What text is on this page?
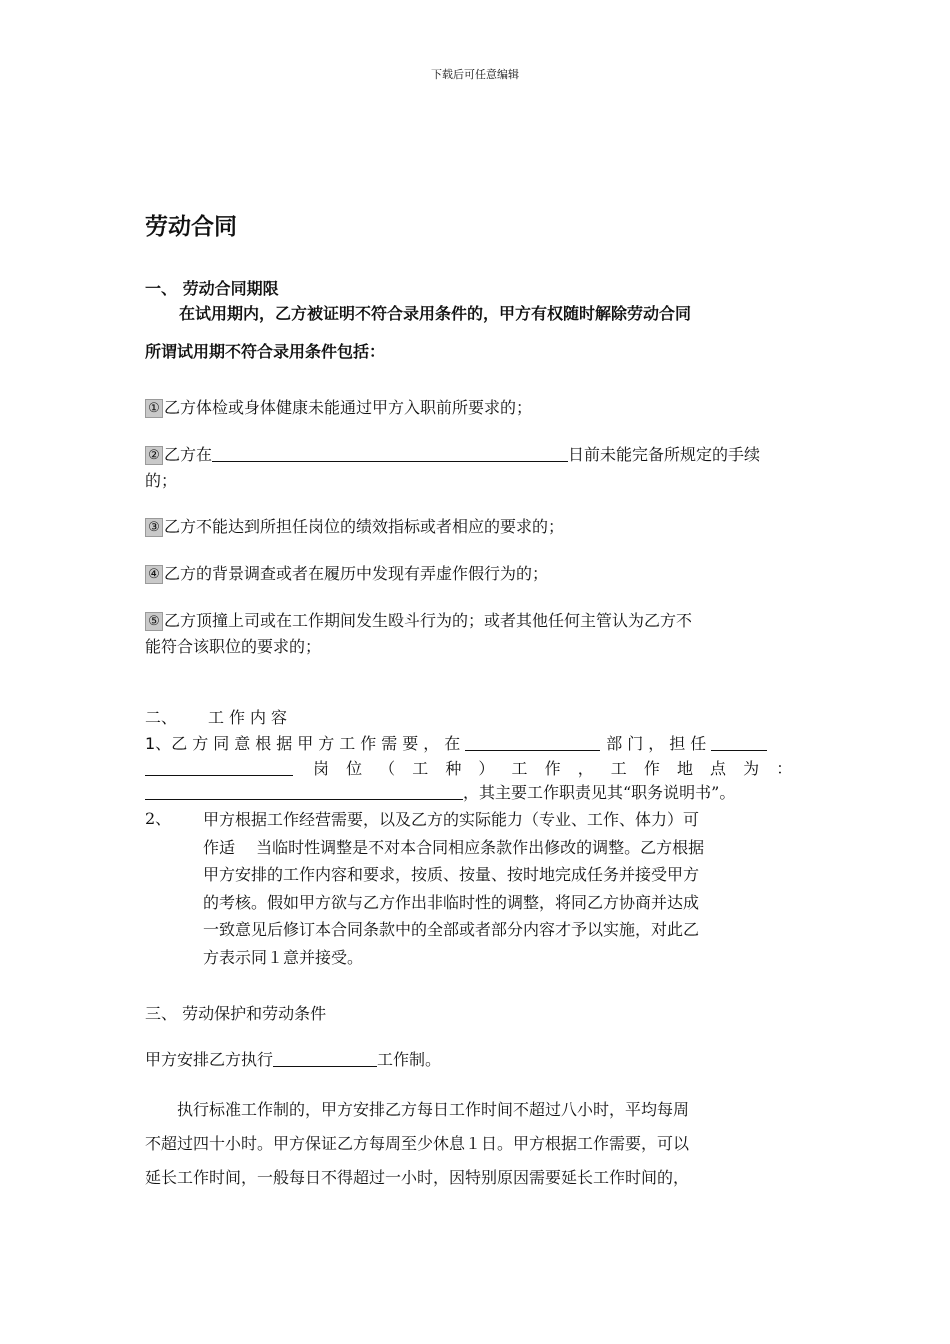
下载后可任意编辑
劳动合同
一、 劳动合同期限
在试用期内，乙方被证明不符合录用条件的，甲方有权随时解除劳动合同
所谓试用期不符合录用条件包括：
① 乙方体检或身体健康未能通过甲方入职前所要求的；
② 乙方在	日前未能完备所规定的手续
的；
③ 乙方不能达到所担任岗位的绩效指标或者相应的要求的；
④ 乙方的背景调查或者在履历中发现有弄虚作假行为的；
⑤ 乙方顶撞上司或在工作期间发生殴斗行为的；或者其他任何主管认为乙方不
能符合该职位的要求的；
二、 工作内容
1、乙方同意根据甲方工作需要，在	部门，担任
岗 位 （ 工 种 ） 工 作 ， 工 作 地 点 为 ：
，其主要工作职责见其“职务说明书”。
2、 甲方根据工作经营需要，以及乙方的实际能力（专业、工作、体力）可
作适　 当临时性调整是不对本合同相应条款作出修改的调整。乙方根据
甲方安排的工作内容和要求，按质、按量、按时地完成任务并接受甲方
的考核。假如甲方欲与乙方作出非临时性的调整，将同乙方协商并达成
一致意见后修订本合同条款中的全部或者部分内容才予以实施，对此乙
方表示同１意并接受。
三、 劳动保护和劳动条件
甲方安排乙方执行	工作制。
　　执行标准工作制的，甲方安排乙方每日工作时间不超过八小时，平均每周
不超过四十小时。甲方保证乙方每周至少休息１日。甲方根据工作需要，可以
延长工作时间，一般每日不得超过一小时，因特别原因需要延长工作时间的，
